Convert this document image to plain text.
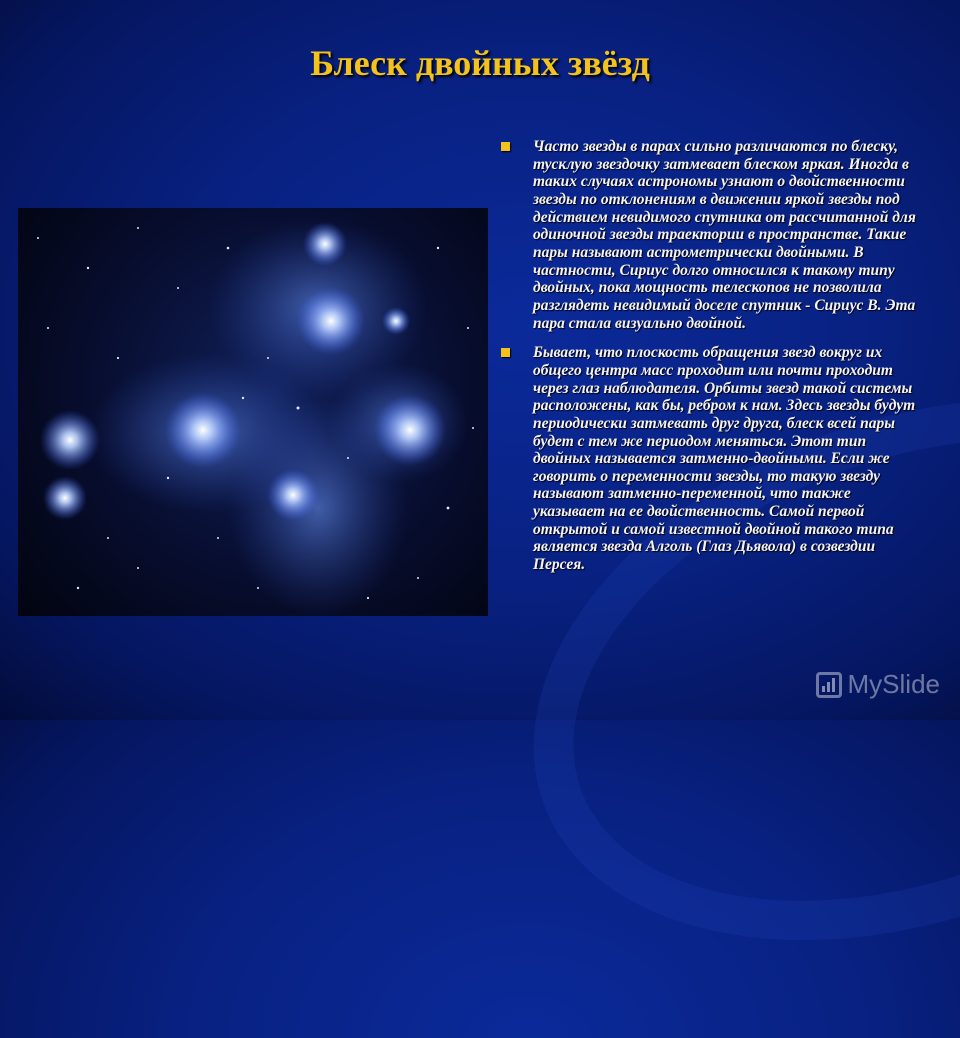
Блеск двойных звёзд
Часто звезды в парах сильно различаются по блеску, тусклую звездочку затмевает блеском яркая. Иногда в таких случаях астрономы узнают о двойственности звезды по отклонениям в движении яркой звезды под действием невидимого спутника от рассчитанной для одиночной звезды траектории в пространстве. Такие пары называют астрометрически двойными. В частности, Сириус долго относился к такому типу двойных, пока мощность телескопов не позволила разглядеть невидимый доселе спутник - Сириус В. Эта пара стала визуально двойной.
Бывает, что плоскость обращения звезд вокруг их общего центра масс проходит или почти проходит через глаз наблюдателя. Орбиты звезд такой системы расположены, как бы, ребром к нам. Здесь звезды будут периодически затмевать друг друга, блеск всей пары будет с тем же периодом меняться. Этот тип двойных называется затменно-двойными. Если же говорить о переменности звезды, то такую звезду называют затменно-переменной, что также указывает на ее двойственность. Самой первой открытой и самой известной двойной такого типа является звезда Алголь (Глаз Дьявола) в созвездии Персея.
MySlide
